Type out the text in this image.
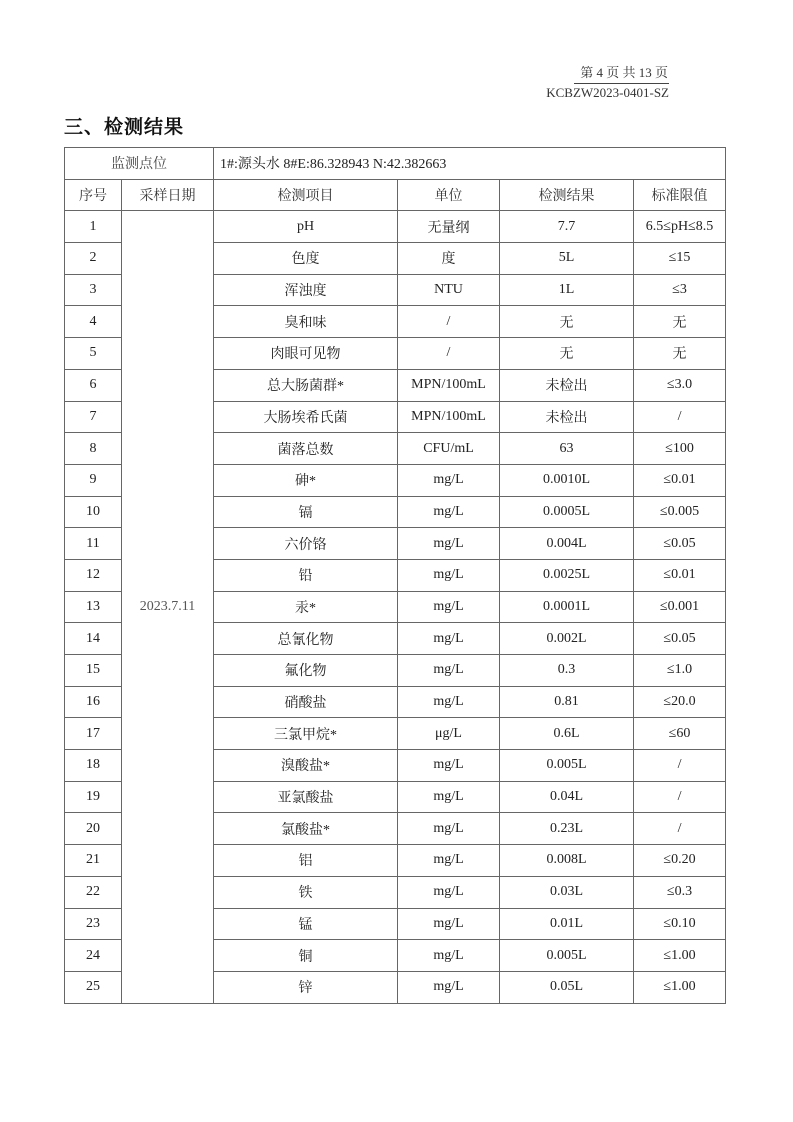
第 4 页 共 13 页
KCBZW2023-0401-SZ
三、检测结果
监测点位		1#:源头水 8#E:86.328943 N:42.382663			
序号	采样日期	检测项目	单位	检测结果	标准限值
1	2023.7.11	pH	无量纲	7.7	6.5≤pH≤8.5
2		色度	度	5L	≤15
3		浑浊度	NTU	1L	≤3
4		臭和味	/	无	无
5		肉眼可见物	/	无	无
6		总大肠菌群*	MPN/100mL	未检出	≤3.0
7		大肠埃希氏菌	MPN/100mL	未检出	/
8		菌落总数	CFU/mL	63	≤100
9		砷*	mg/L	0.0010L	≤0.01
10		镉	mg/L	0.0005L	≤0.005
11		六价铬	mg/L	0.004L	≤0.05
12		铅	mg/L	0.0025L	≤0.01
13		汞*	mg/L	0.0001L	≤0.001
14		总氰化物	mg/L	0.002L	≤0.05
15		氟化物	mg/L	0.3	≤1.0
16		硝酸盐	mg/L	0.81	≤20.0
17		三氯甲烷*	μg/L	0.6L	≤60
18		溴酸盐*	mg/L	0.005L	/
19		亚氯酸盐	mg/L	0.04L	/
20		氯酸盐*	mg/L	0.23L	/
21		铝	mg/L	0.008L	≤0.20
22		铁	mg/L	0.03L	≤0.3
23		锰	mg/L	0.01L	≤0.10
24		铜	mg/L	0.005L	≤1.00
25		锌	mg/L	0.05L	≤1.00
